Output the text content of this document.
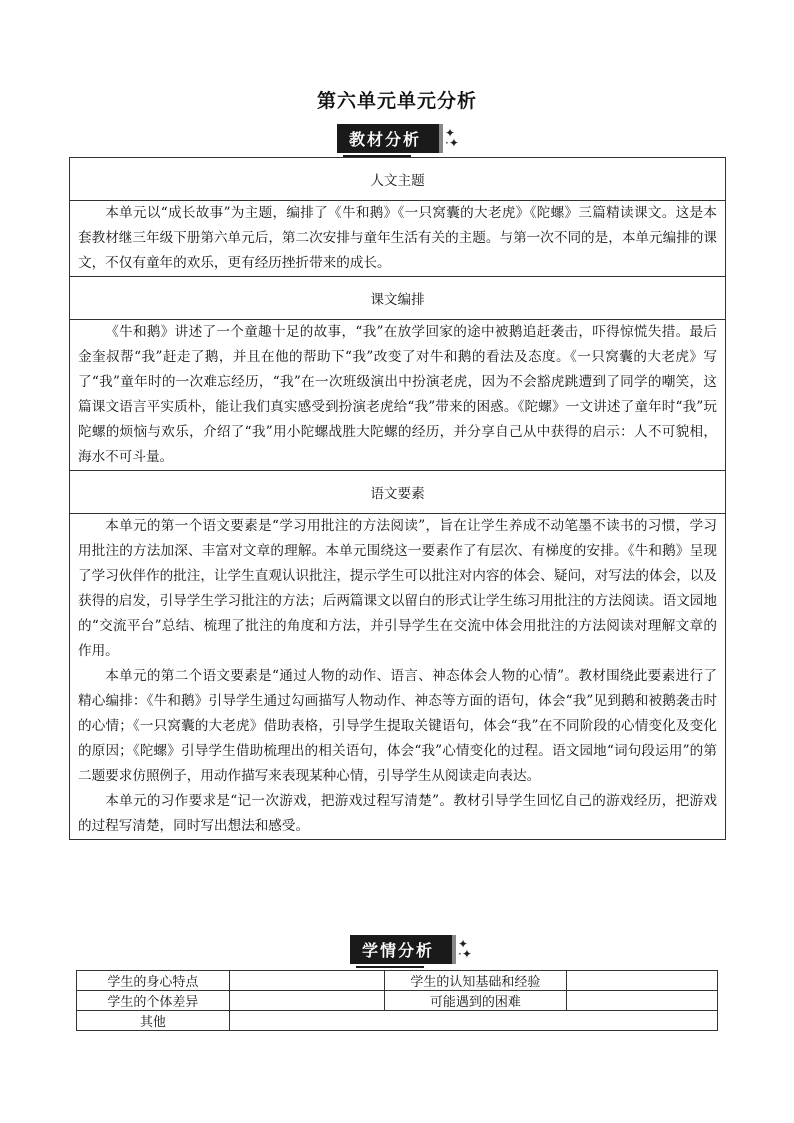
第六单元单元分析
教材分析	✦
·✦
人文主题

本单元以“成长故事”为主题，编排了《牛和鹅》《一只窝囊的大老虎》《陀螺》三篇精读课文。这是本套教材继三年级下册第六单元后，第二次安排与童年生活有关的主题。与第一次不同的是，本单元编排的课文，不仅有童年的欢乐，更有经历挫折带来的成长。

课文编排

《牛和鹅》讲述了一个童趣十足的故事，“我”在放学回家的途中被鹅追赶袭击，吓得惊慌失措。最后金奎叔帮“我”赶走了鹅，并且在他的帮助下“我”改变了对牛和鹅的看法及态度。《一只窝囊的大老虎》写了“我”童年时的一次难忘经历，“我”在一次班级演出中扮演老虎，因为不会豁虎跳遭到了同学的嘲笑，这篇课文语言平实质朴，能让我们真实感受到扮演老虎给“我”带来的困惑。《陀螺》一文讲述了童年时“我”玩陀螺的烦恼与欢乐，介绍了“我”用小陀螺战胜大陀螺的经历，并分享自己从中获得的启示：人不可貌相，海水不可斗量。

语文要素

本单元的第一个语文要素是“学习用批注的方法阅读”，旨在让学生养成不动笔墨不读书的习惯，学习用批注的方法加深、丰富对文章的理解。本单元围绕这一要素作了有层次、有梯度的安排。《牛和鹅》呈现了学习伙伴作的批注，让学生直观认识批注，提示学生可以批注对内容的体会、疑问，对写法的体会，以及获得的启发，引导学生学习批注的方法；后两篇课文以留白的形式让学生练习用批注的方法阅读。语文园地的“交流平台”总结、梳理了批注的角度和方法，并引导学生在交流中体会用批注的方法阅读对理解文章的作用。

本单元的第二个语文要素是“通过人物的动作、语言、神态体会人物的心情”。教材围绕此要素进行了精心编排：《牛和鹅》引导学生通过勾画描写人物动作、神态等方面的语句，体会“我”见到鹅和被鹅袭击时的心情；《一只窝囊的大老虎》借助表格，引导学生提取关键语句，体会“我”在不同阶段的心情变化及变化的原因；《陀螺》引导学生借助梳理出的相关语句，体会“我”心情变化的过程。语文园地“词句段运用”的第二题要求仿照例子，用动作描写来表现某种心情，引导学生从阅读走向表达。

本单元的习作要求是“记一次游戏，把游戏过程写清楚”。教材引导学生回忆自己的游戏经历，把游戏的过程写清楚，同时写出想法和感受。

学情分析	✦
·✦
学生的身心特点		学生的认知基础和经验	
学生的个体差异		可能遇到的困难	
其他			
